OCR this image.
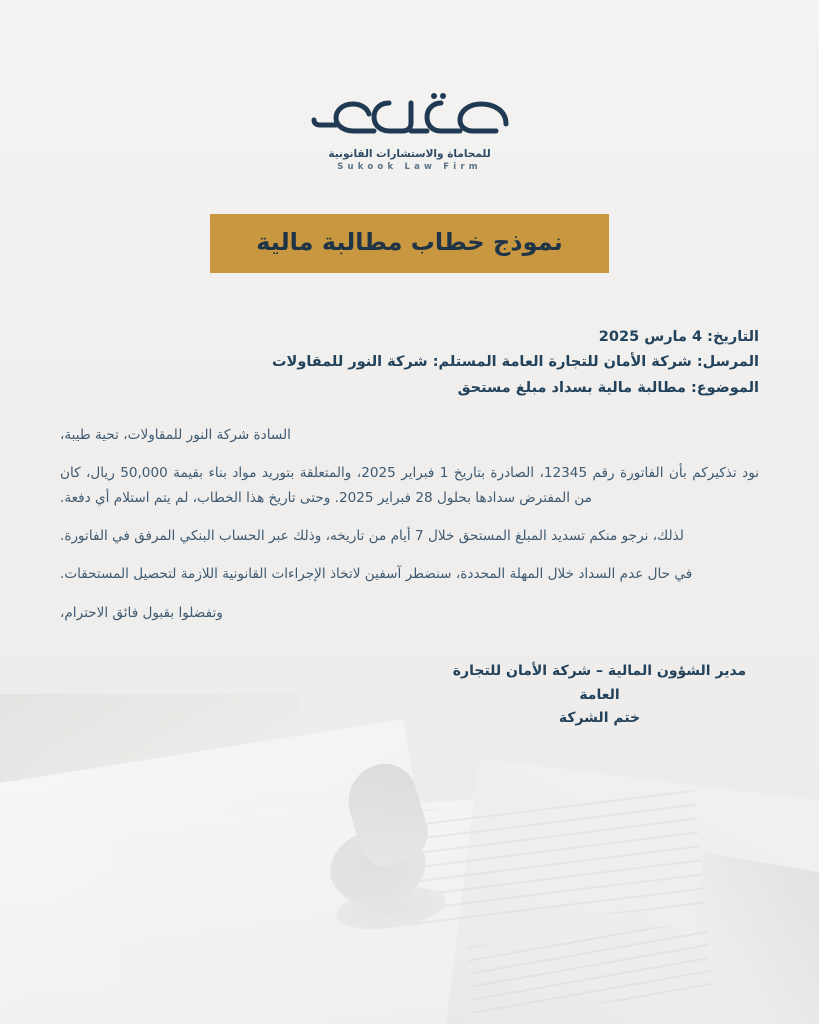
للمحاماة والاستشارات القانونية
Sukook Law Firm
نموذج خطاب مطالبة مالية
التاريخ: 4 مارس 2025
المرسل: شركة الأمان للتجارة العامة المستلم: شركة النور للمقاولات
الموضوع: مطالبة مالية بسداد مبلغ مستحق

السادة شركة النور للمقاولات، تحية طيبة،

نود تذكيركم بأن الفاتورة رقم 12345، الصادرة بتاريخ 1 فبراير 2025، والمتعلقة بتوريد مواد بناء بقيمة 50,000 ريال، كان من المفترض سدادها بحلول 28 فبراير 2025. وحتى تاريخ هذا الخطاب، لم يتم استلام أي دفعة.

لذلك، نرجو منكم تسديد المبلغ المستحق خلال 7 أيام من تاريخه، وذلك عبر الحساب البنكي المرفق في الفاتورة.

في حال عدم السداد خلال المهلة المحددة، سنضطر آسفين لاتخاذ الإجراءات القانونية اللازمة لتحصيل المستحقات.

وتفضلوا بقبول فائق الاحترام،

مدير الشؤون المالية – شركة الأمان للتجارة العامة
ختم الشركة
